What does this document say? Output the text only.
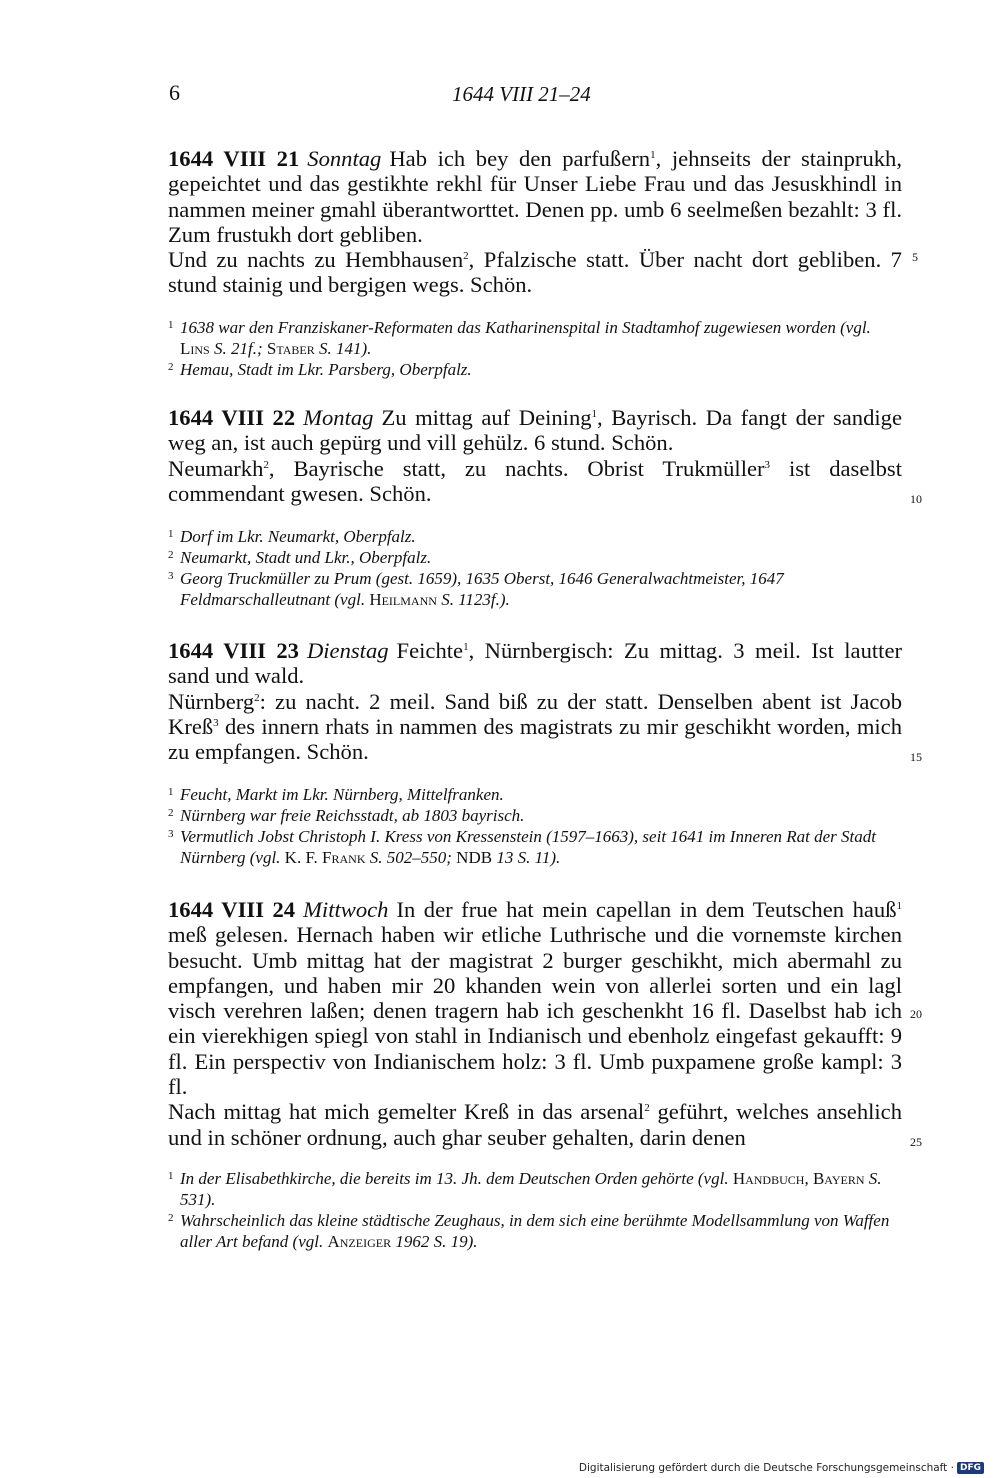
6	1644 VIII 21–24

1644 VIII 21 Sonntag Hab ich bey den parfußern$^1$, jehnseits der stainprukh, gepeichtet und das gestikhte rekhl für Unser Liebe Frau und das Jesuskhindl in nammen meiner gmahl überantworttet. Denen pp. umb 6 seelmeßen bezahlt: 3 fl. Zum frustukh dort gebliben.

Und zu nachts zu Hembhausen$^2$, Pfalzische statt. Über nacht dort gebliben. 7 stund stainig und bergigen wegs. Schön.

1 1638 war den Franziskaner-Reformaten das Katharinenspital in Stadtamhof zugewiesen worden (vgl. Lins S. 21f.; Staber S. 141).
2 Hemau, Stadt im Lkr. Parsberg, Oberpfalz.

1644 VIII 22 Montag Zu mittag auf Deining$^1$, Bayrisch. Da fangt der sandige weg an, ist auch gepürg und vill gehülz. 6 stund. Schön.

Neumarkh$^2$, Bayrische statt, zu nachts. Obrist Trukmüller$^3$ ist daselbst commendant gwesen. Schön.

1 Dorf im Lkr. Neumarkt, Oberpfalz.
2 Neumarkt, Stadt und Lkr., Oberpfalz.
3 Georg Truckmüller zu Prum (gest. 1659), 1635 Oberst, 1646 Generalwachtmeister, 1647 Feldmarschalleutnant (vgl. Heilmann S. 1123f.).

1644 VIII 23 Dienstag Feichte$^1$, Nürnbergisch: Zu mittag. 3 meil. Ist lautter sand und wald.

Nürnberg$^2$: zu nacht. 2 meil. Sand biß zu der statt. Denselben abent ist Jacob Kreß$^3$ des innern rhats in nammen des magistrats zu mir geschikht worden, mich zu empfangen. Schön.

1 Feucht, Markt im Lkr. Nürnberg, Mittelfranken.
2 Nürnberg war freie Reichsstadt, ab 1803 bayrisch.
3 Vermutlich Jobst Christoph I. Kress von Kressenstein (1597–1663), seit 1641 im Inneren Rat der Stadt Nürnberg (vgl. K. F. Frank S. 502–550; NDB 13 S. 11).

1644 VIII 24 Mittwoch In der frue hat mein capellan in dem Teutschen hauß$^1$ meß gelesen. Hernach haben wir etliche Luthrische und die vornemste kirchen besucht. Umb mittag hat der magistrat 2 burger geschikht, mich abermahl zu empfangen, und haben mir 20 khanden wein von allerlei sorten und ein lagl visch verehren laßen; denen tragern hab ich geschenkht 16 fl. Daselbst hab ich ein vierekhigen spiegl von stahl in Indianisch und ebenholz eingefast gekaufft: 9 fl. Ein perspectiv von Indianischem holz: 3 fl. Umb puxpamene große kampl: 3 fl.

Nach mittag hat mich gemelter Kreß in das arsenal$^2$ geführt, welches ansehlich und in schöner ordnung, auch ghar seuber gehalten, darin denen

1 In der Elisabethkirche, die bereits im 13. Jh. dem Deutschen Orden gehörte (vgl. Handbuch, Bayern S. 531).
2 Wahrscheinlich das kleine städtische Zeughaus, in dem sich eine berühmte Modellsammlung von Waffen aller Art befand (vgl. Anzeiger 1962 S. 19).
5
10
15
20
25
Digitalisierung gefördert durch die Deutsche Forschungsgemeinschaft · DFG
